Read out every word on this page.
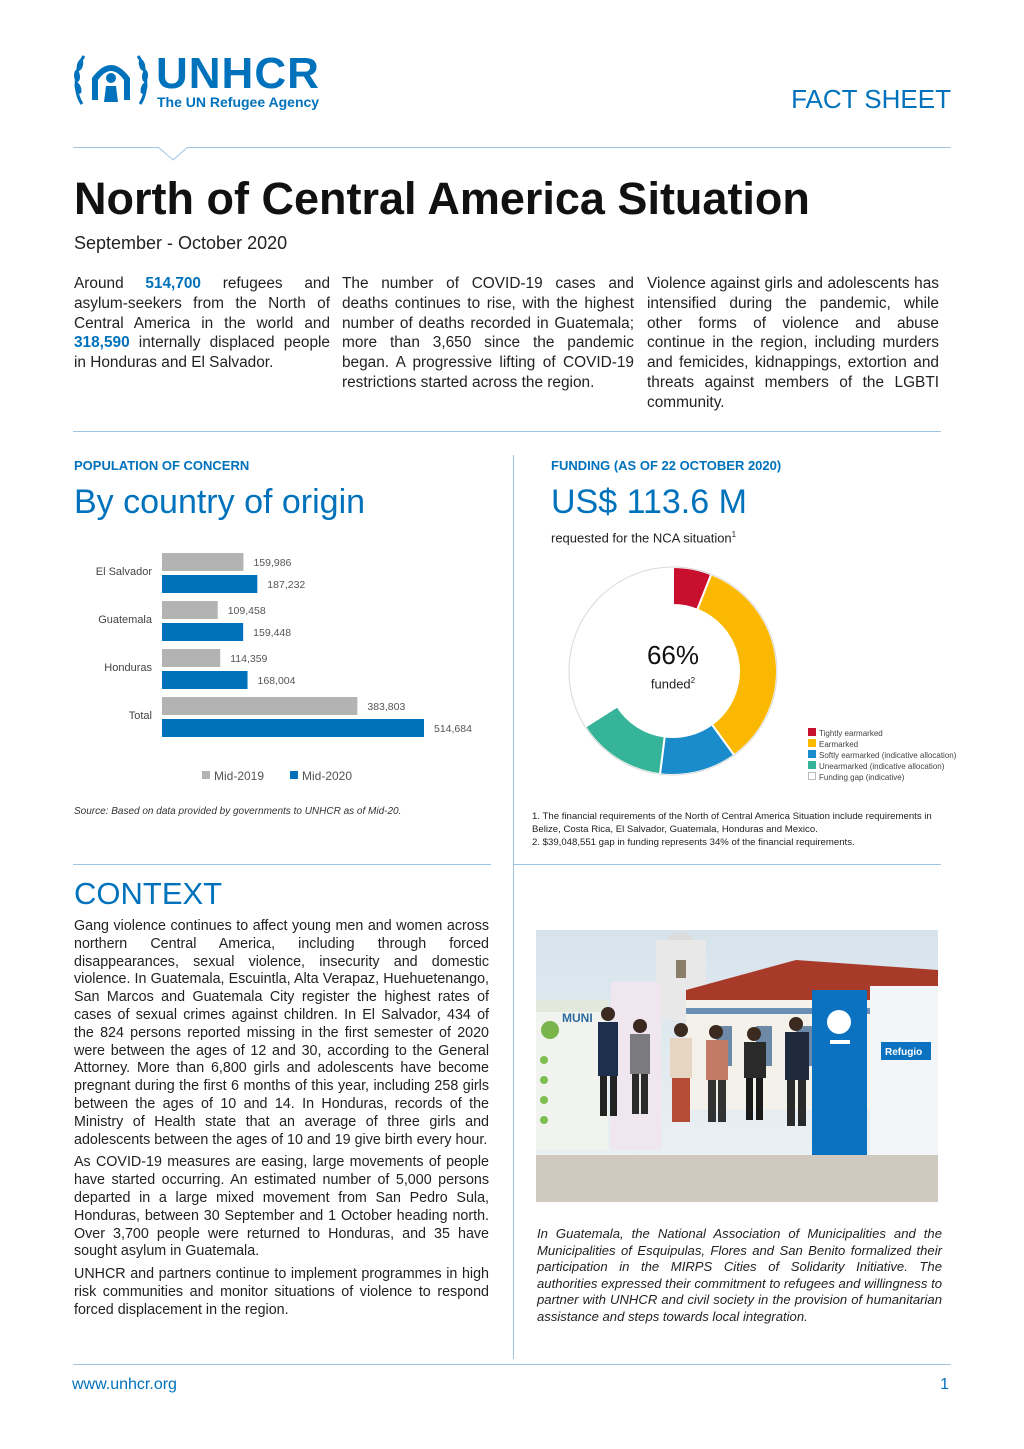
UNHCR
The UN Refugee Agency	FACT SHEET
North of Central America Situation
September - October 2020
Around 514,700 refugees and asylum-seekers from the North of Central America in the world and 318,590 internally displaced people in Honduras and El Salvador.
The number of COVID-19 cases and deaths continues to rise, with the highest number of deaths recorded in Guatemala; more than 3,650 since the pandemic began. A progressive lifting of COVID-19 restrictions started across the region.
Violence against girls and adolescents has intensified during the pandemic, while other forms of violence and abuse continue in the region, including murders and femicides, kidnappings, extortion and threats against members of the LGBTI community.
POPULATION OF CONCERN
By country of origin
El Salvador
159,986
187,232
Guatemala
109,458
159,448
Honduras
114,359
168,004
Total
383,803
514,684
Mid-2019	Mid-2020
Source: Based on data provided by governments to UNHCR as of Mid-20.
FUNDING (AS OF 22 OCTOBER 2020)
US$ 113.6 M
requested for the NCA situation$^1$
66%
funded$^2$
Tightly earmarked
Earmarked
Softly earmarked (indicative allocation)
Unearmarked (indicative allocation)
Funding gap (indicative)
1. The financial requirements of the North of Central America Situation include requirements in Belize, Costa Rica, El Salvador, Guatemala, Honduras and Mexico.
2. $39,048,551 gap in funding represents 34% of the financial requirements.
CONTEXT

Gang violence continues to affect young men and women across northern Central America, including through forced disappearances, sexual violence, insecurity and domestic violence. In Guatemala, Escuintla, Alta Verapaz, Huehuetenango, San Marcos and Guatemala City register the highest rates of cases of sexual crimes against children. In El Salvador, 434 of the 824 persons reported missing in the first semester of 2020 were between the ages of 12 and 30, according to the General Attorney. More than 6,800 girls and adolescents have become pregnant during the first 6 months of this year, including 258 girls between the ages of 10 and 14. In Honduras, records of the Ministry of Health state that an average of three girls and adolescents between the ages of 10 and 19 give birth every hour.

As COVID-19 measures are easing, large movements of people have started occurring. An estimated number of 5,000 persons departed in a large mixed movement from San Pedro Sula, Honduras, between 30 September and 1 October heading north. Over 3,700 people were returned to Honduras, and 35 have sought asylum in Guatemala.

UNHCR and partners continue to implement programmes in high risk communities and monitor situations of violence to respond forced displacement in the region.

MUNI
Refugio
In Guatemala, the National Association of Municipalities and the Municipalities of Esquipulas, Flores and San Benito formalized their participation in the MIRPS Cities of Solidarity Initiative. The authorities expressed their commitment to refugees and willingness to partner with UNHCR and civil society in the provision of humanitarian assistance and steps towards local integration.
www.unhcr.org	1
